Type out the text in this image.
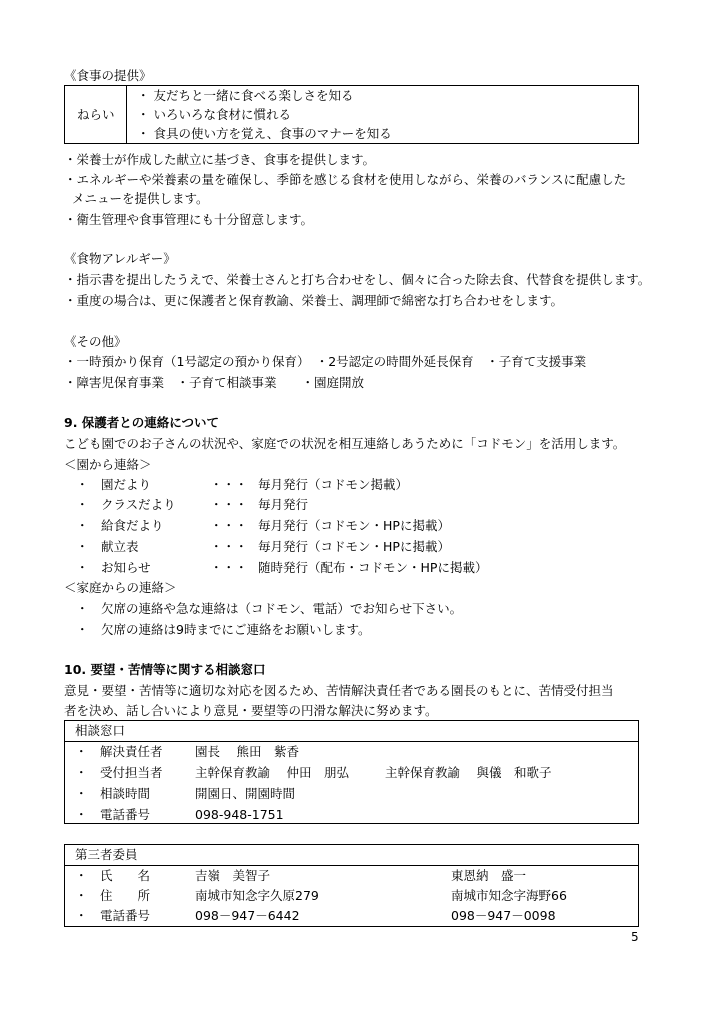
《食事の提供》
ねらい
・ 友だちと一緒に食べる楽しさを知る
・ いろいろな食材に慣れる
・ 食具の使い方を覚え、食事のマナーを知る
・栄養士が作成した献立に基づき、食事を提供します。
・エネルギーや栄養素の量を確保し、季節を感じる食材を使用しながら、栄養のバランスに配慮した
メニューを提供します。
・衛生管理や食事管理にも十分留意します。
《食物アレルギー》
・指示書を提出したうえで、栄養士さんと打ち合わせをし、個々に合った除去食、代替食を提供します。
・重度の場合は、更に保護者と保育教諭、栄養士、調理師で綿密な打ち合わせをします。
《その他》
・一時預かり保育（1号認定の預かり保育）　・2号認定の時間外延長保育　・子育て支援事業
・障害児保育事業　・子育て相談事業　　・園庭開放
9. 保護者との連絡について
こども園でのお子さんの状況や、家庭での状況を相互連絡しあうために「コドモン」を活用します。
＜園から連絡＞
・　園だより	・・・ 毎月発行（コドモン掲載）
・　クラスだより	・・・ 毎月発行
・　給食だより	・・・ 毎月発行（コドモン・HPに掲載）
・　献立表	・・・ 毎月発行（コドモン・HPに掲載）
・　お知らせ	・・・ 随時発行（配布・コドモン・HPに掲載）
＜家庭からの連絡＞
・　欠席の連絡や急な連絡は（コドモン、電話）でお知らせ下さい。
・　欠席の連絡は9時までにご連絡をお願いします。
10. 要望・苦情等に関する相談窓口
意見・要望・苦情等に適切な対応を図るため、苦情解決責任者である園長のもとに、苦情受付担当
者を決め、話し合いにより意見・要望等の円滑な解決に努めます。
相談窓口
・　解決責任者	園長　 熊田　紫香
・　受付担当者	主幹保育教諭　 仲田　朋弘	主幹保育教諭　 與儀　和歌子
・　相談時間	開園日、開園時間
・　電話番号	098-948-1751
第三者委員
・　氏　　名	吉嶺　美智子	東恩納　盛一
・　住　　所	南城市知念字久原279	南城市知念字海野66
・　電話番号	098－947－6442	098－947－0098
5
